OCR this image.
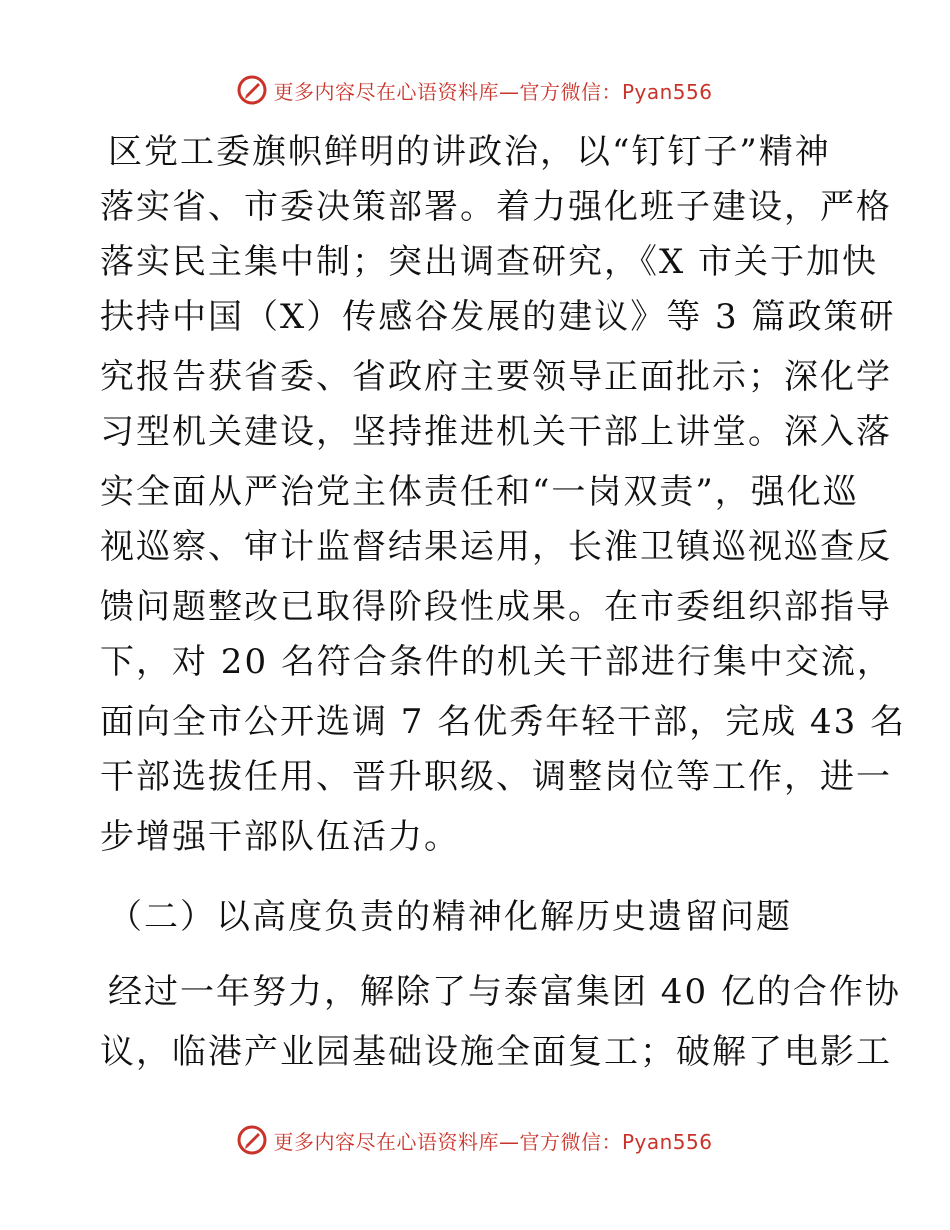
更多内容尽在心语资料库—官方微信：Pyan556
区党工委旗帜鲜明的讲政治，以“钉钉子”精神
落实省、市委决策部署。着力强化班子建设，严格
落实民主集中制；突出调查研究，《X 市关于加快
扶持中国（X）传感谷发展的建议》等 3 篇政策研
究报告获省委、省政府主要领导正面批示；深化学
习型机关建设，坚持推进机关干部上讲堂。深入落
实全面从严治党主体责任和“一岗双责”，强化巡
视巡察、审计监督结果运用，长淮卫镇巡视巡查反
馈问题整改已取得阶段性成果。在市委组织部指导
下，对 20 名符合条件的机关干部进行集中交流，
面向全市公开选调 7 名优秀年轻干部，完成 43 名
干部选拔任用、晋升职级、调整岗位等工作，进一
步增强干部队伍活力。
（二）以高度负责的精神化解历史遗留问题
经过一年努力，解除了与泰富集团 40 亿的合作协
议，临港产业园基础设施全面复工；破解了电影工
更多内容尽在心语资料库—官方微信：Pyan556
